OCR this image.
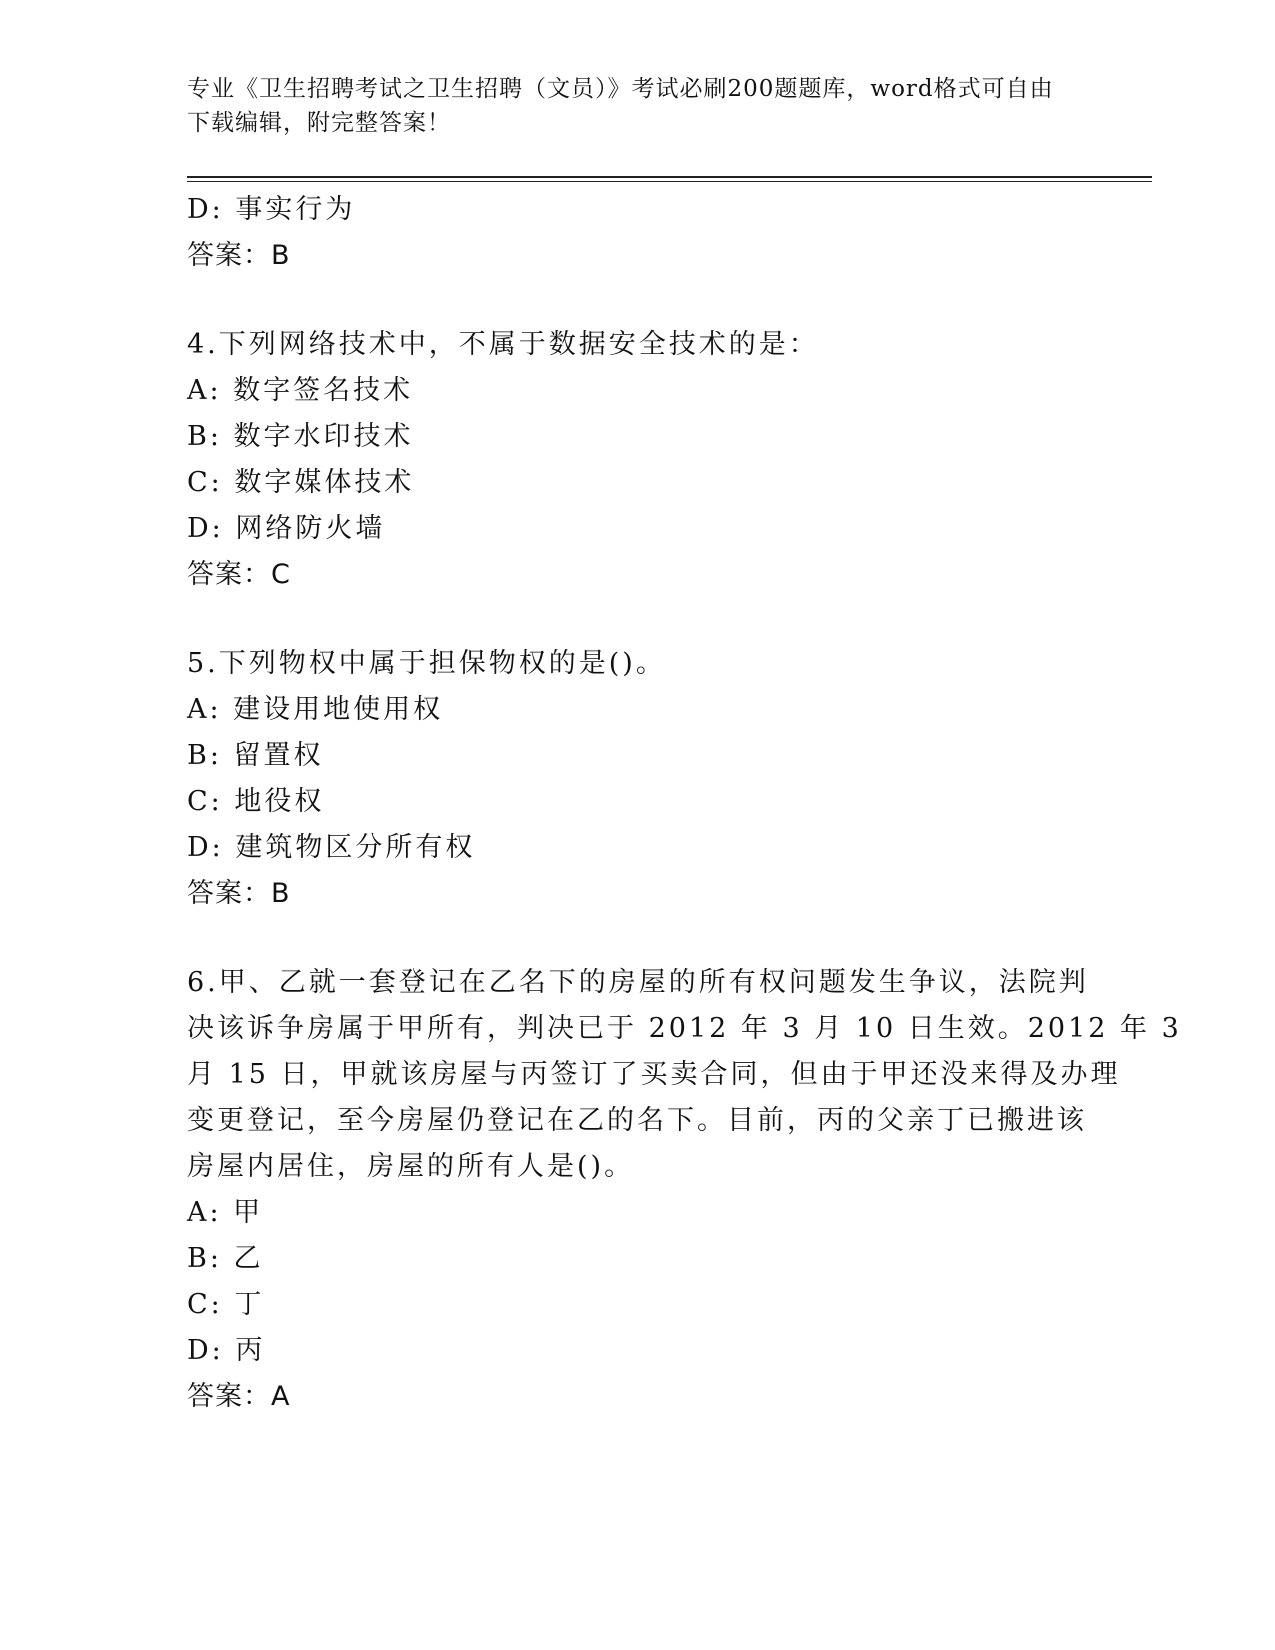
专业《卫生招聘考试之卫生招聘（文员）》考试必刷200题题库，word格式可自由下载编辑，附完整答案！
D: 事实行为
答案：B
4.下列网络技术中，不属于数据安全技术的是：
A: 数字签名技术
B: 数字水印技术
C: 数字媒体技术
D: 网络防火墙
答案：C
5.下列物权中属于担保物权的是()。
A: 建设用地使用权
B: 留置权
C: 地役权
D: 建筑物区分所有权
答案：B
6.甲、乙就一套登记在乙名下的房屋的所有权问题发生争议，法院判
决该诉争房属于甲所有，判决已于 2012 年 3 月 10 日生效。2012 年 3
月 15 日，甲就该房屋与丙签订了买卖合同，但由于甲还没来得及办理
变更登记，至今房屋仍登记在乙的名下。目前，丙的父亲丁已搬进该
房屋内居住，房屋的所有人是()。
A: 甲
B: 乙
C: 丁
D: 丙
答案：A
